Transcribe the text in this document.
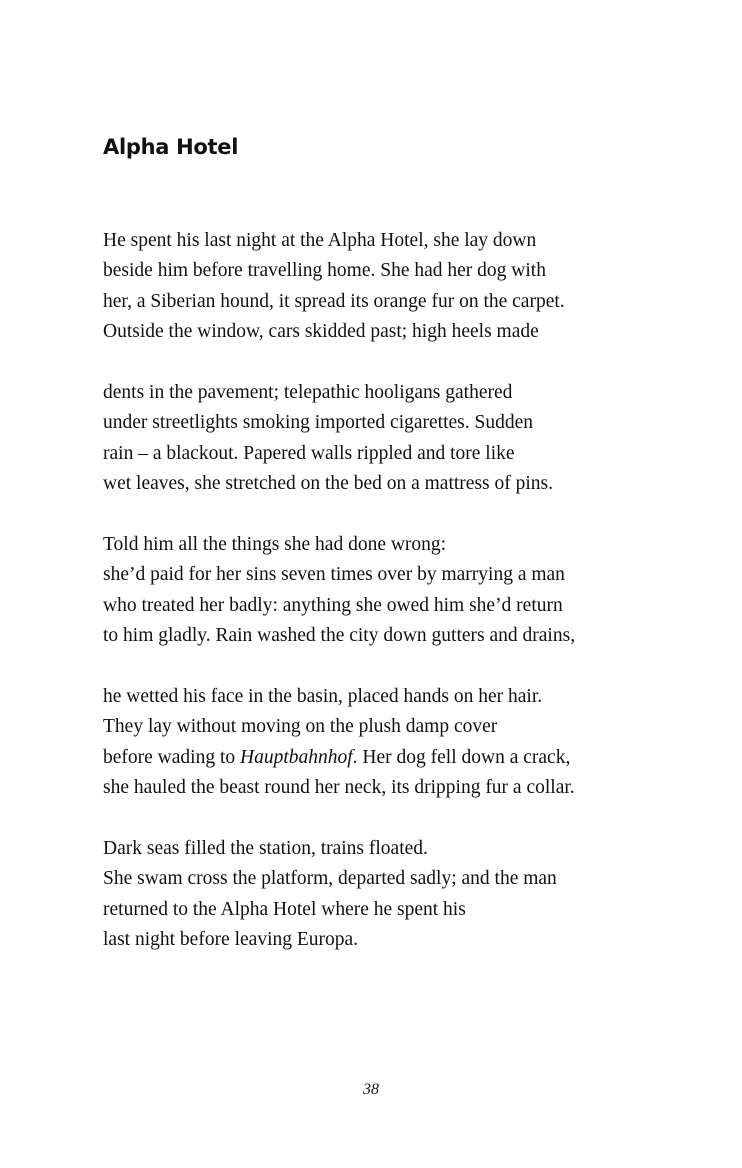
Alpha Hotel
He spent his last night at the Alpha Hotel, she lay down
beside him before travelling home. She had her dog with
her, a Siberian hound, it spread its orange fur on the carpet.
Outside the window, cars skidded past; high heels made
dents in the pavement; telepathic hooligans gathered
under streetlights smoking imported cigarettes. Sudden
rain – a blackout. Papered walls rippled and tore like
wet leaves, she stretched on the bed on a mattress of pins.
Told him all the things she had done wrong:
she’d paid for her sins seven times over by marrying a man
who treated her badly: anything she owed him she’d return
to him gladly. Rain washed the city down gutters and drains,
he wetted his face in the basin, placed hands on her hair.
They lay without moving on the plush damp cover
before wading to Hauptbahnhof. Her dog fell down a crack,
she hauled the beast round her neck, its dripping fur a collar.
Dark seas filled the station, trains floated.
She swam cross the platform, departed sadly; and the man
returned to the Alpha Hotel where he spent his
last night before leaving Europa.
38
